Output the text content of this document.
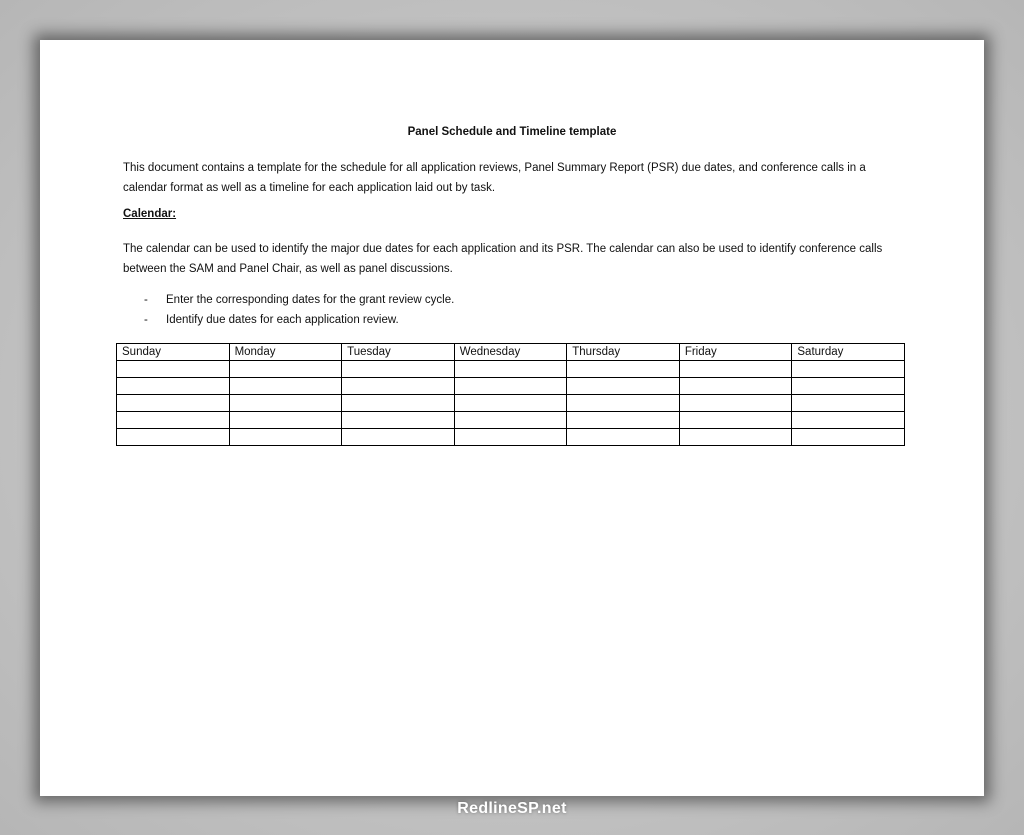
Panel Schedule and Timeline template

This document contains a template for the schedule for all application reviews, Panel Summary Report (PSR) due dates, and conference calls in a calendar format as well as a timeline for each application laid out by task.

Calendar:

The calendar can be used to identify the major due dates for each application and its PSR. The calendar can also be used to identify conference calls between the SAM and Panel Chair, as well as panel discussions.

- Enter the corresponding dates for the grant review cycle.
- Identify due dates for each application review.
Sunday	Monday	Tuesday	Wednesday	Thursday	Friday	Saturday

RedlineSP.net
